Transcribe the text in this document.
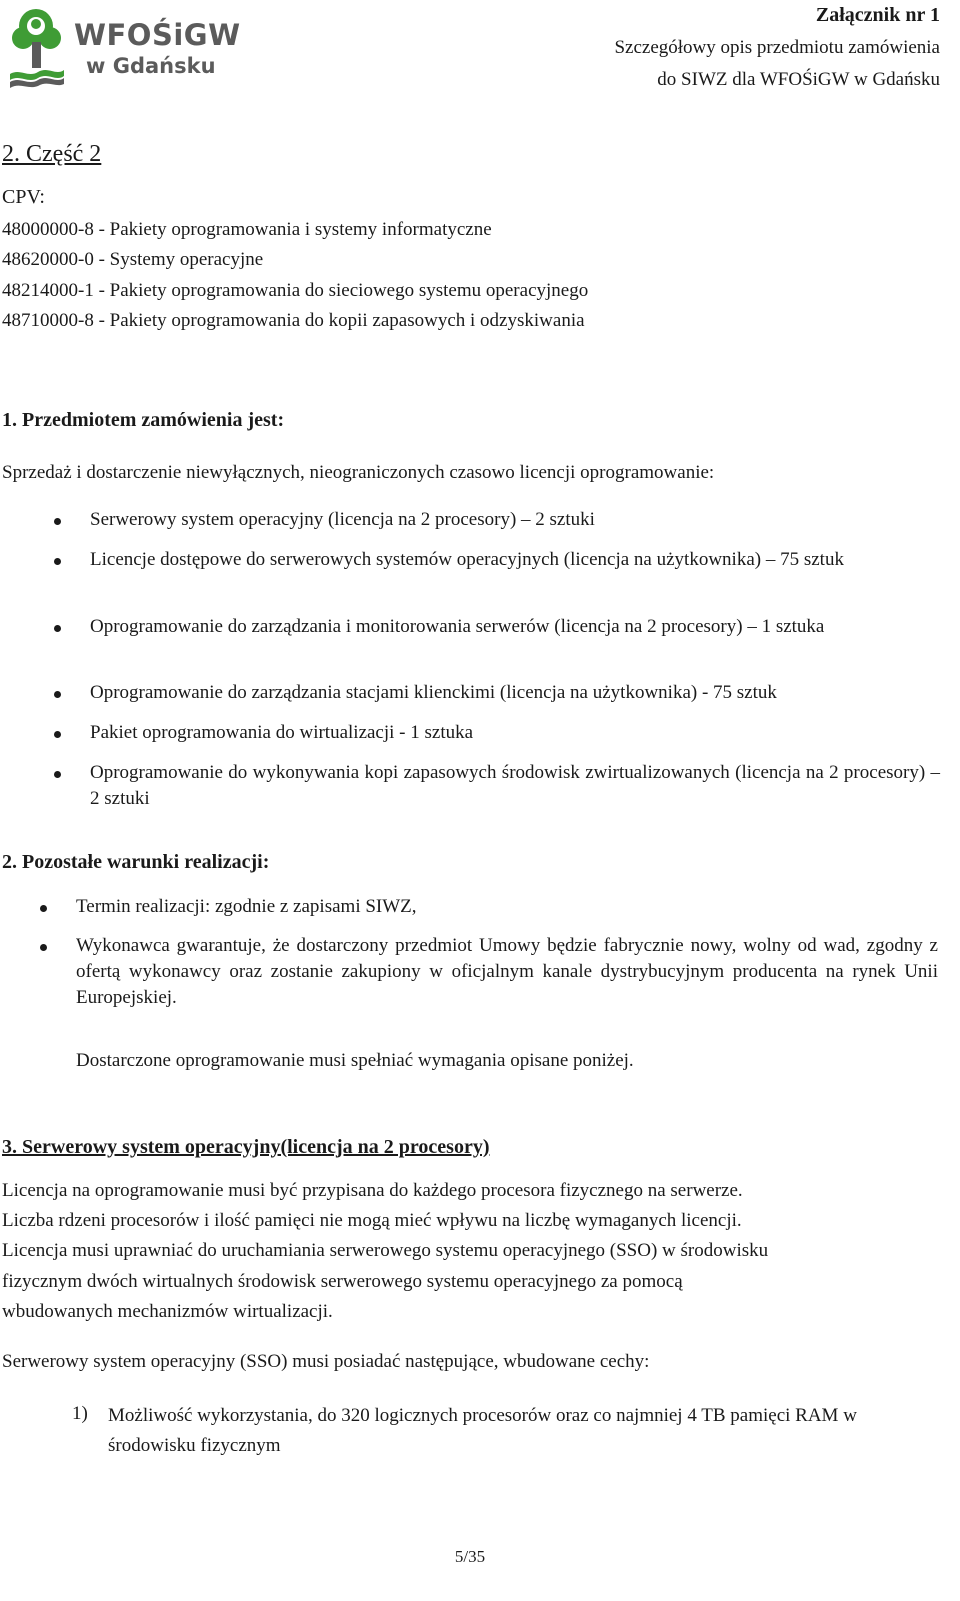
WFOŚiGW
w Gdańsku
Załącznik nr 1
Szczegółowy opis przedmiotu zamówienia
do SIWZ dla WFOŚiGW w Gdańsku
2. Część 2
CPV:
48000000-8 - Pakiety oprogramowania i systemy informatyczne
48620000-0 - Systemy operacyjne
48214000-1 - Pakiety oprogramowania do sieciowego systemu operacyjnego
48710000-8 - Pakiety oprogramowania do kopii zapasowych i odzyskiwania
1. Przedmiotem zamówienia jest:
Sprzedaż i dostarczenie niewyłącznych, nieograniczonych czasowo licencji oprogramowanie:
Serwerowy system operacyjny (licencja na 2 procesory) – 2 sztuki
Licencje dostępowe do serwerowych systemów operacyjnych (licencja na użytkownika) – 75 sztuk
Oprogramowanie do zarządzania i monitorowania serwerów (licencja na 2 procesory) – 1 sztuka
Oprogramowanie do zarządzania stacjami klienckimi (licencja na użytkownika) - 75 sztuk
Pakiet oprogramowania do wirtualizacji - 1 sztuka
Oprogramowanie do wykonywania kopi zapasowych środowisk zwirtualizowanych (licencja na 2 procesory) – 2 sztuki
2. Pozostałe warunki realizacji:
Termin realizacji: zgodnie z zapisami SIWZ,
Wykonawca gwarantuje, że dostarczony przedmiot Umowy będzie fabrycznie nowy, wolny od wad, zgodny z ofertą wykonawcy oraz zostanie zakupiony w oficjalnym kanale dystrybucyjnym producenta na rynek Unii Europejskiej.
Dostarczone oprogramowanie musi spełniać wymagania opisane poniżej.
3. Serwerowy system operacyjny(licencja na 2 procesory)
Licencja na oprogramowanie musi być przypisana do każdego procesora fizycznego na serwerze.
Liczba rdzeni procesorów i ilość pamięci nie mogą mieć wpływu na liczbę wymaganych licencji.
Licencja musi uprawniać do uruchamiania serwerowego systemu operacyjnego (SSO) w środowisku
fizycznym dwóch wirtualnych środowisk serwerowego systemu operacyjnego za pomocą
wbudowanych mechanizmów wirtualizacji.
Serwerowy system operacyjny (SSO) musi posiadać następujące, wbudowane cechy:
1) Możliwość wykorzystania, do 320 logicznych procesorów oraz co najmniej 4 TB pamięci RAM w środowisku fizycznym
5/35
